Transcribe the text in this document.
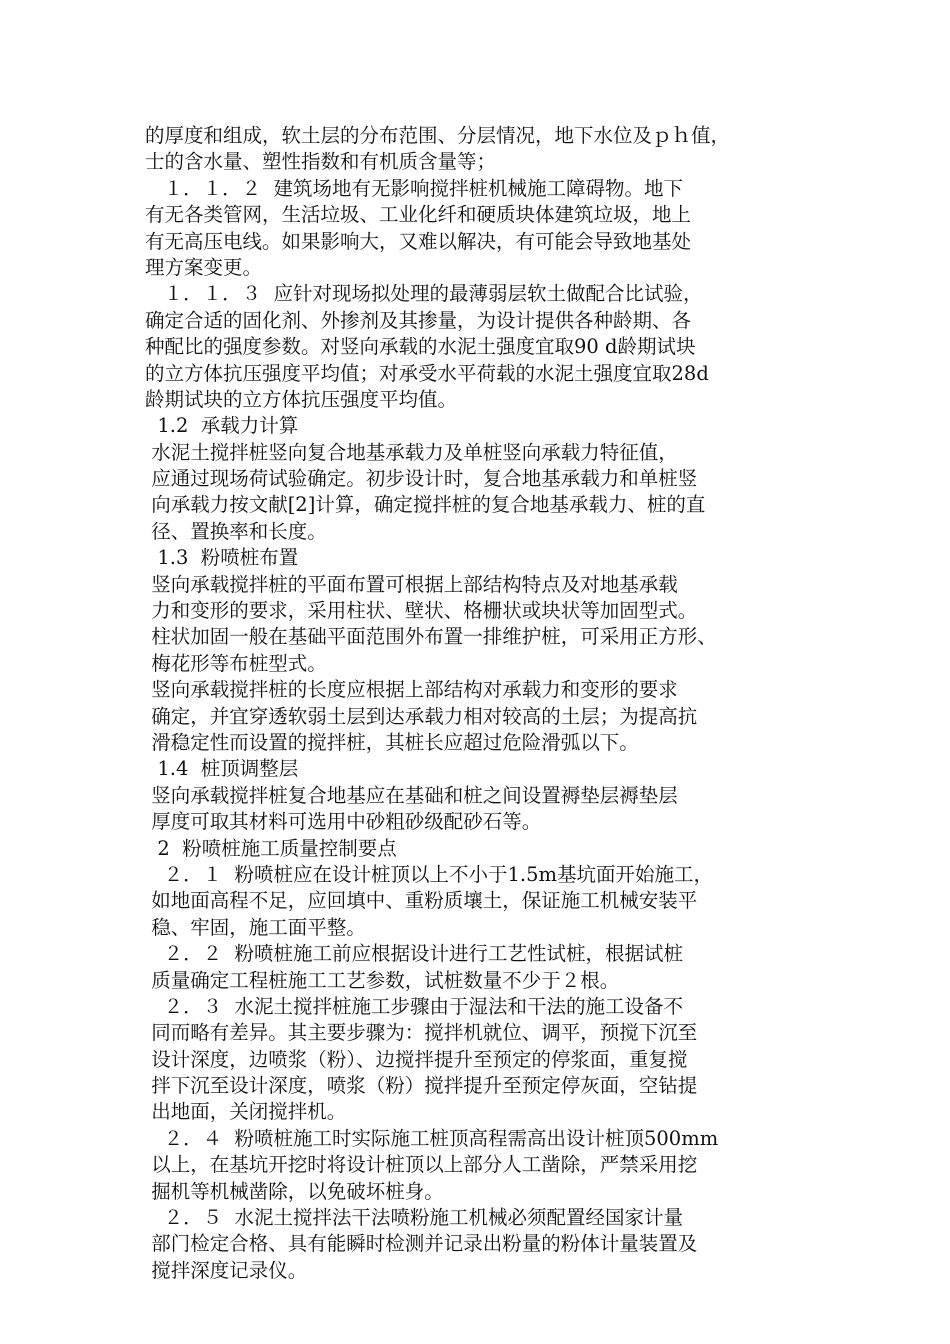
的厚度和组成，软土层的分布范围、分层情况，地下水位及ｐｈ值，
士的含水量、塑性指数和有机质含量等；
１．１．２  建筑场地有无影响搅拌桩机械施工障碍物。地下
有无各类管网，生活垃圾、工业化纤和硬质块体建筑垃圾，地上
有无高压电线。如果影响大，又难以解决，有可能会导致地基处
理方案变更。
１．１．３  应针对现场拟处理的最薄弱层软土做配合比试验，
确定合适的固化剂、外掺剂及其掺量，为设计提供各种龄期、各
种配比的强度参数。对竖向承载的水泥土强度宜取90 d龄期试块
的立方体抗压强度平均值；对承受水平荷载的水泥土强度宜取28d
龄期试块的立方体抗压强度平均值。
1.2  承载力计算
水泥土搅拌桩竖向复合地基承载力及单桩竖向承载力特征值，
应通过现场荷试验确定。初步设计时，复合地基承载力和单桩竖
向承载力按文献[2]计算，确定搅拌桩的复合地基承载力、桩的直
径、置换率和长度。
1.3  粉喷桩布置
竖向承载搅拌桩的平面布置可根据上部结构特点及对地基承载
力和变形的要求，采用柱状、壁状、格栅状或块状等加固型式。
柱状加固一般在基础平面范围外布置一排维护桩，可采用正方形、
梅花形等布桩型式。
竖向承载搅拌桩的长度应根据上部结构对承载力和变形的要求
确定，并宜穿透软弱土层到达承载力相对较高的土层；为提高抗
滑稳定性而设置的搅拌桩，其桩长应超过危险滑弧以下。
1.4  桩顶调整层
竖向承载搅拌桩复合地基应在基础和桩之间设置褥垫层褥垫层
厚度可取其材料可选用中砂粗砂级配砂石等。
2  粉喷桩施工质量控制要点
２．１  粉喷桩应在设计桩顶以上不小于1.5m基坑面开始施工，
如地面高程不足，应回填中、重粉质壤土，保证施工机械安装平
稳、牢固，施工面平整。
２．２  粉喷桩施工前应根据设计进行工艺性试桩，根据试桩
质量确定工程桩施工工艺参数，试桩数量不少于２根。
２．３  水泥土搅拌桩施工步骤由于湿法和干法的施工设备不
同而略有差异。其主要步骤为：搅拌机就位、调平，预搅下沉至
设计深度，边喷浆（粉）、边搅拌提升至预定的停浆面，重复搅
拌下沉至设计深度，喷浆（粉）搅拌提升至预定停灰面，空钻提
出地面，关闭搅拌机。
２．４  粉喷桩施工时实际施工桩顶高程需高出设计桩顶500mm
以上，在基坑开挖时将设计桩顶以上部分人工凿除，严禁采用挖
掘机等机械凿除，以免破坏桩身。
２．５  水泥土搅拌法干法喷粉施工机械必须配置经国家计量
部门检定合格、具有能瞬时检测并记录出粉量的粉体计量装置及
搅拌深度记录仪。
